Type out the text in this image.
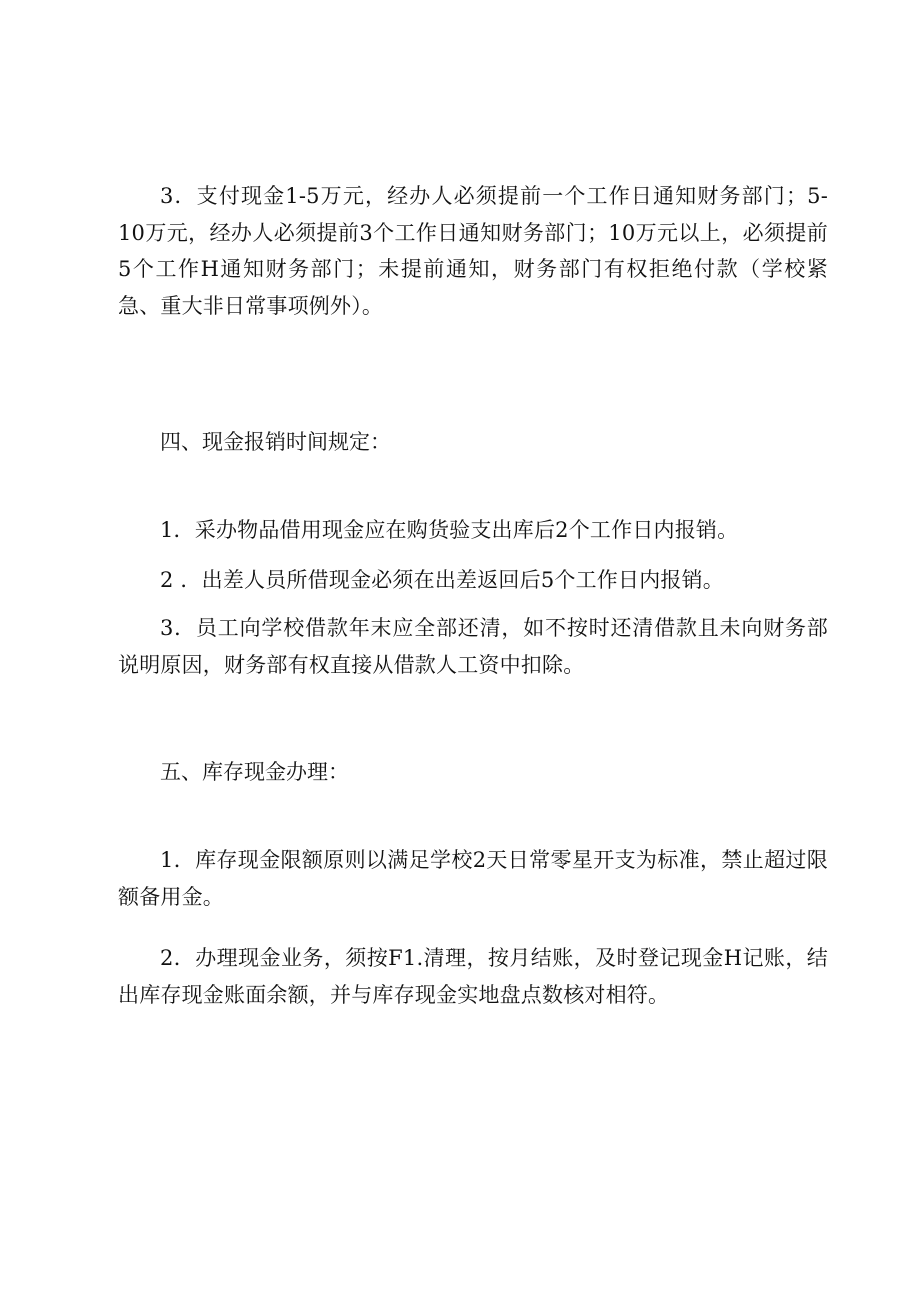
3．支付现金1-5万元，经办人必须提前一个工作日通知财务部门；5-10万元，经办人必须提前3个工作日通知财务部门；10万元以上，必须提前5个工作H通知财务部门；未提前通知，财务部门有权拒绝付款（学校紧急、重大非日常事项例外）。

四、现金报销时间规定：

1．采办物品借用现金应在购货验支出库后2个工作日内报销。

2 ．出差人员所借现金必须在出差返回后5个工作日内报销。

3．员工向学校借款年末应全部还清，如不按时还清借款且未向财务部说明原因，财务部有权直接从借款人工资中扣除。

五、库存现金办理：

1．库存现金限额原则以满足学校2天日常零星开支为标准，禁止超过限额备用金。

2．办理现金业务，须按F1.清理，按月结账，及时登记现金H记账，结出库存现金账面余额，并与库存现金实地盘点数核对相符。
